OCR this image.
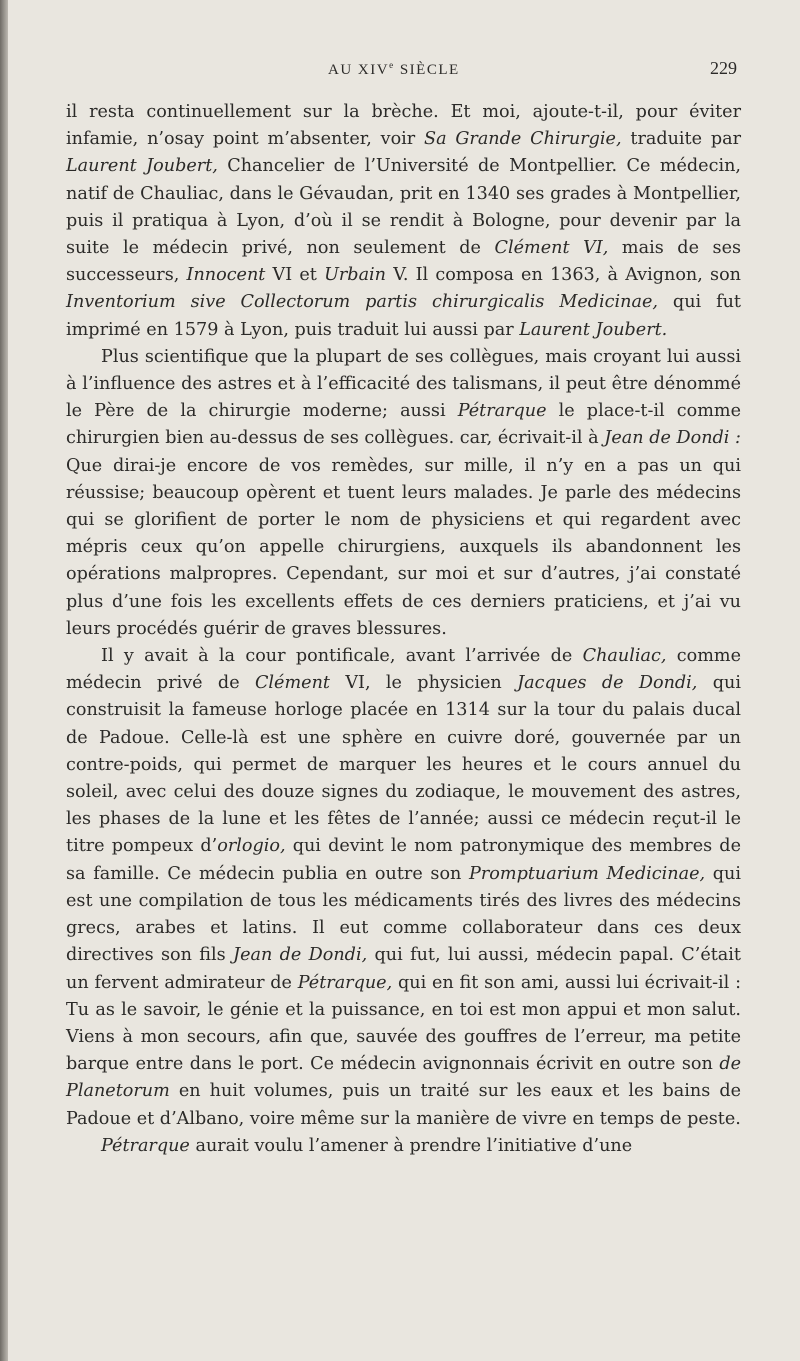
AU XIVe SIÈCLE	229

il resta continuellement sur la brèche. Et moi, ajoute-t-il, pour éviter infamie, n’osay point m’absenter, voir Sa Grande Chirurgie, traduite par Laurent Joubert, Chancelier de l’Université de Montpellier. Ce médecin, natif de Chauliac, dans le Gévaudan, prit en 1340 ses grades à Montpellier, puis il pratiqua à Lyon, d’où il se rendit à Bologne, pour devenir par la suite le médecin privé, non seulement de Clément VI, mais de ses successeurs, Innocent VI et Urbain V. Il composa en 1363, à Avignon, son Inventorium sive Collectorum partis chirurgicalis Medicinae, qui fut imprimé en 1579 à Lyon, puis traduit lui aussi par Laurent Joubert.

Plus scientifique que la plupart de ses collègues, mais croyant lui aussi à l’influence des astres et à l’efficacité des talismans, il peut être dénommé le Père de la chirurgie moderne; aussi Pétrarque le place-t-il comme chirurgien bien au-dessus de ses collègues. car, écrivait-il à Jean de Dondi : Que dirai-je encore de vos remèdes, sur mille, il n’y en a pas un qui réussise; beaucoup opèrent et tuent leurs malades. Je parle des médecins qui se glorifient de porter le nom de physiciens et qui regardent avec mépris ceux qu’on appelle chirurgiens, auxquels ils abandonnent les opérations malpropres. Cependant, sur moi et sur d’autres, j’ai constaté plus d’une fois les excellents effets de ces derniers praticiens, et j’ai vu leurs procédés guérir de graves blessures.

Il y avait à la cour pontificale, avant l’arrivée de Chauliac, comme médecin privé de Clément VI, le physicien Jacques de Dondi, qui construisit la fameuse horloge placée en 1314 sur la tour du palais ducal de Padoue. Celle-là est une sphère en cuivre doré, gouvernée par un contre-poids, qui permet de marquer les heures et le cours annuel du soleil, avec celui des douze signes du zodiaque, le mouvement des astres, les phases de la lune et les fêtes de l’année; aussi ce médecin reçut-il le titre pompeux d’orlogio, qui devint le nom patronymique des membres de sa famille. Ce médecin publia en outre son Promptuarium Medicinae, qui est une compilation de tous les médicaments tirés des livres des médecins grecs, arabes et latins. Il eut comme collaborateur dans ces deux directives son fils Jean de Dondi, qui fut, lui aussi, médecin papal. C’était un fervent admirateur de Pétrarque, qui en fit son ami, aussi lui écrivait-il : Tu as le savoir, le génie et la puissance, en toi est mon appui et mon salut. Viens à mon secours, afin que, sauvée des gouffres de l’erreur, ma petite barque entre dans le port. Ce médecin avignonnais écrivit en outre son de Planetorum en huit volumes, puis un traité sur les eaux et les bains de Padoue et d’Albano, voire même sur la manière de vivre en temps de peste.

Pétrarque aurait voulu l’amener à prendre l’initiative d’une
